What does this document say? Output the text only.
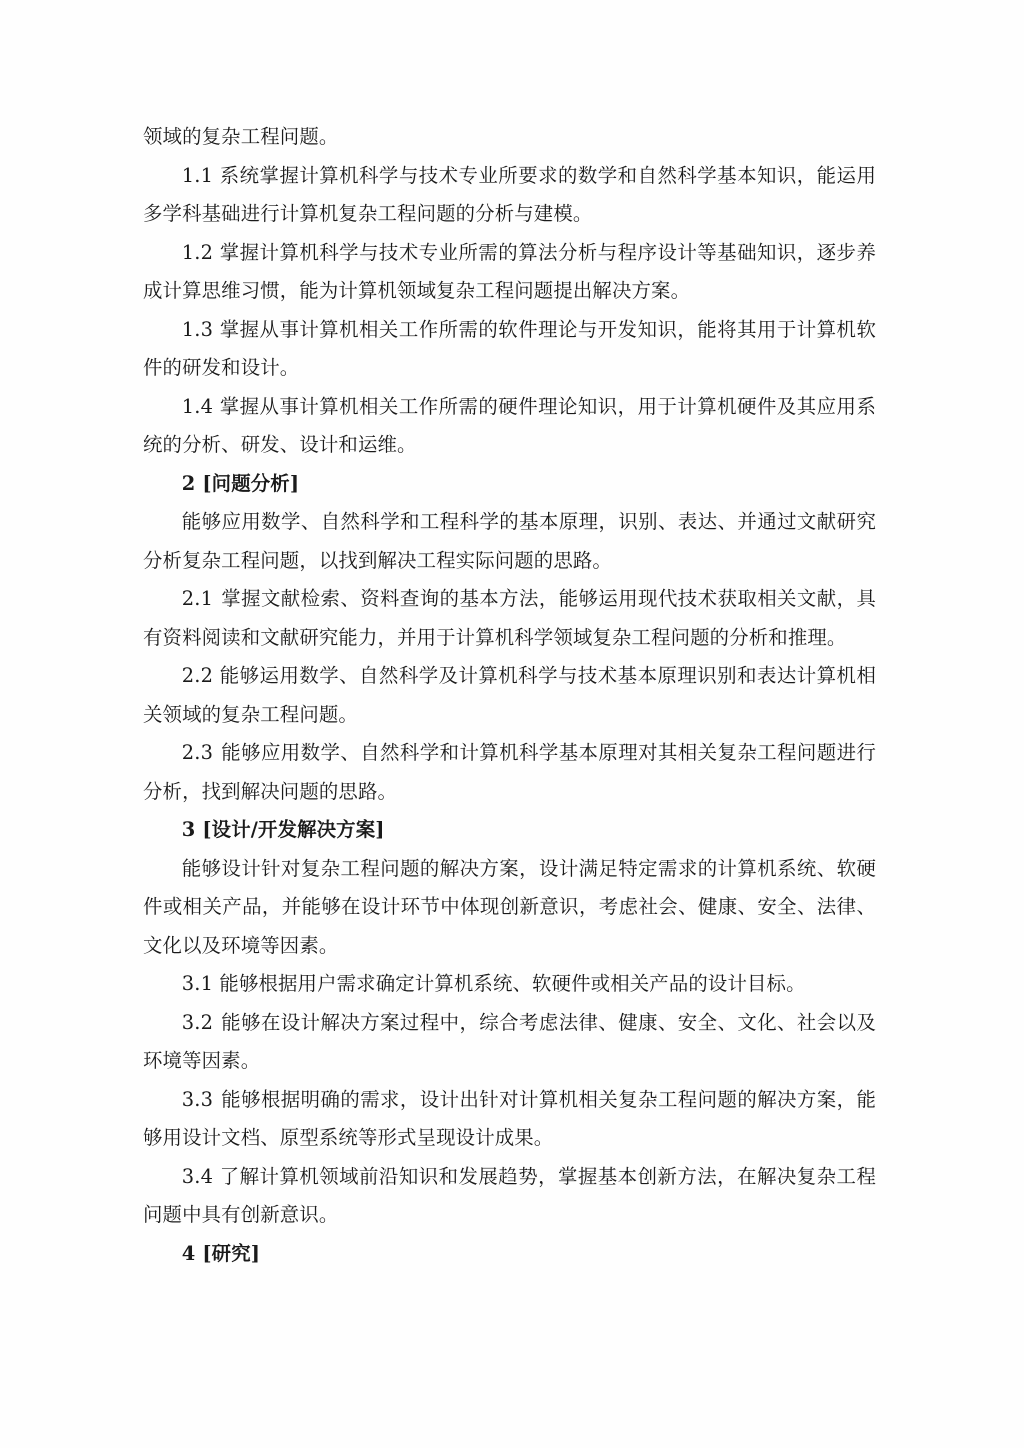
领域的复杂工程问题。

1.1 系统掌握计算机科学与技术专业所要求的数学和自然科学基本知识，能运用多学科基础进行计算机复杂工程问题的分析与建模。

1.2 掌握计算机科学与技术专业所需的算法分析与程序设计等基础知识，逐步养成计算思维习惯，能为计算机领域复杂工程问题提出解决方案。

1.3 掌握从事计算机相关工作所需的软件理论与开发知识，能将其用于计算机软件的研发和设计。

1.4 掌握从事计算机相关工作所需的硬件理论知识，用于计算机硬件及其应用系统的分析、研发、设计和运维。

2 [问题分析]

能够应用数学、自然科学和工程科学的基本原理，识别、表达、并通过文献研究分析复杂工程问题，以找到解决工程实际问题的思路。

2.1 掌握文献检索、资料查询的基本方法，能够运用现代技术获取相关文献，具有资料阅读和文献研究能力，并用于计算机科学领域复杂工程问题的分析和推理。

2.2 能够运用数学、自然科学及计算机科学与技术基本原理识别和表达计算机相关领域的复杂工程问题。

2.3 能够应用数学、自然科学和计算机科学基本原理对其相关复杂工程问题进行分析，找到解决问题的思路。

3 [设计/开发解决方案]

能够设计针对复杂工程问题的解决方案，设计满足特定需求的计算机系统、软硬件或相关产品，并能够在设计环节中体现创新意识，考虑社会、健康、安全、法律、文化以及环境等因素。

3.1 能够根据用户需求确定计算机系统、软硬件或相关产品的设计目标。

3.2 能够在设计解决方案过程中，综合考虑法律、健康、安全、文化、社会以及环境等因素。

3.3 能够根据明确的需求，设计出针对计算机相关复杂工程问题的解决方案，能够用设计文档、原型系统等形式呈现设计成果。

3.4 了解计算机领域前沿知识和发展趋势，掌握基本创新方法，在解决复杂工程问题中具有创新意识。

4 [研究]
